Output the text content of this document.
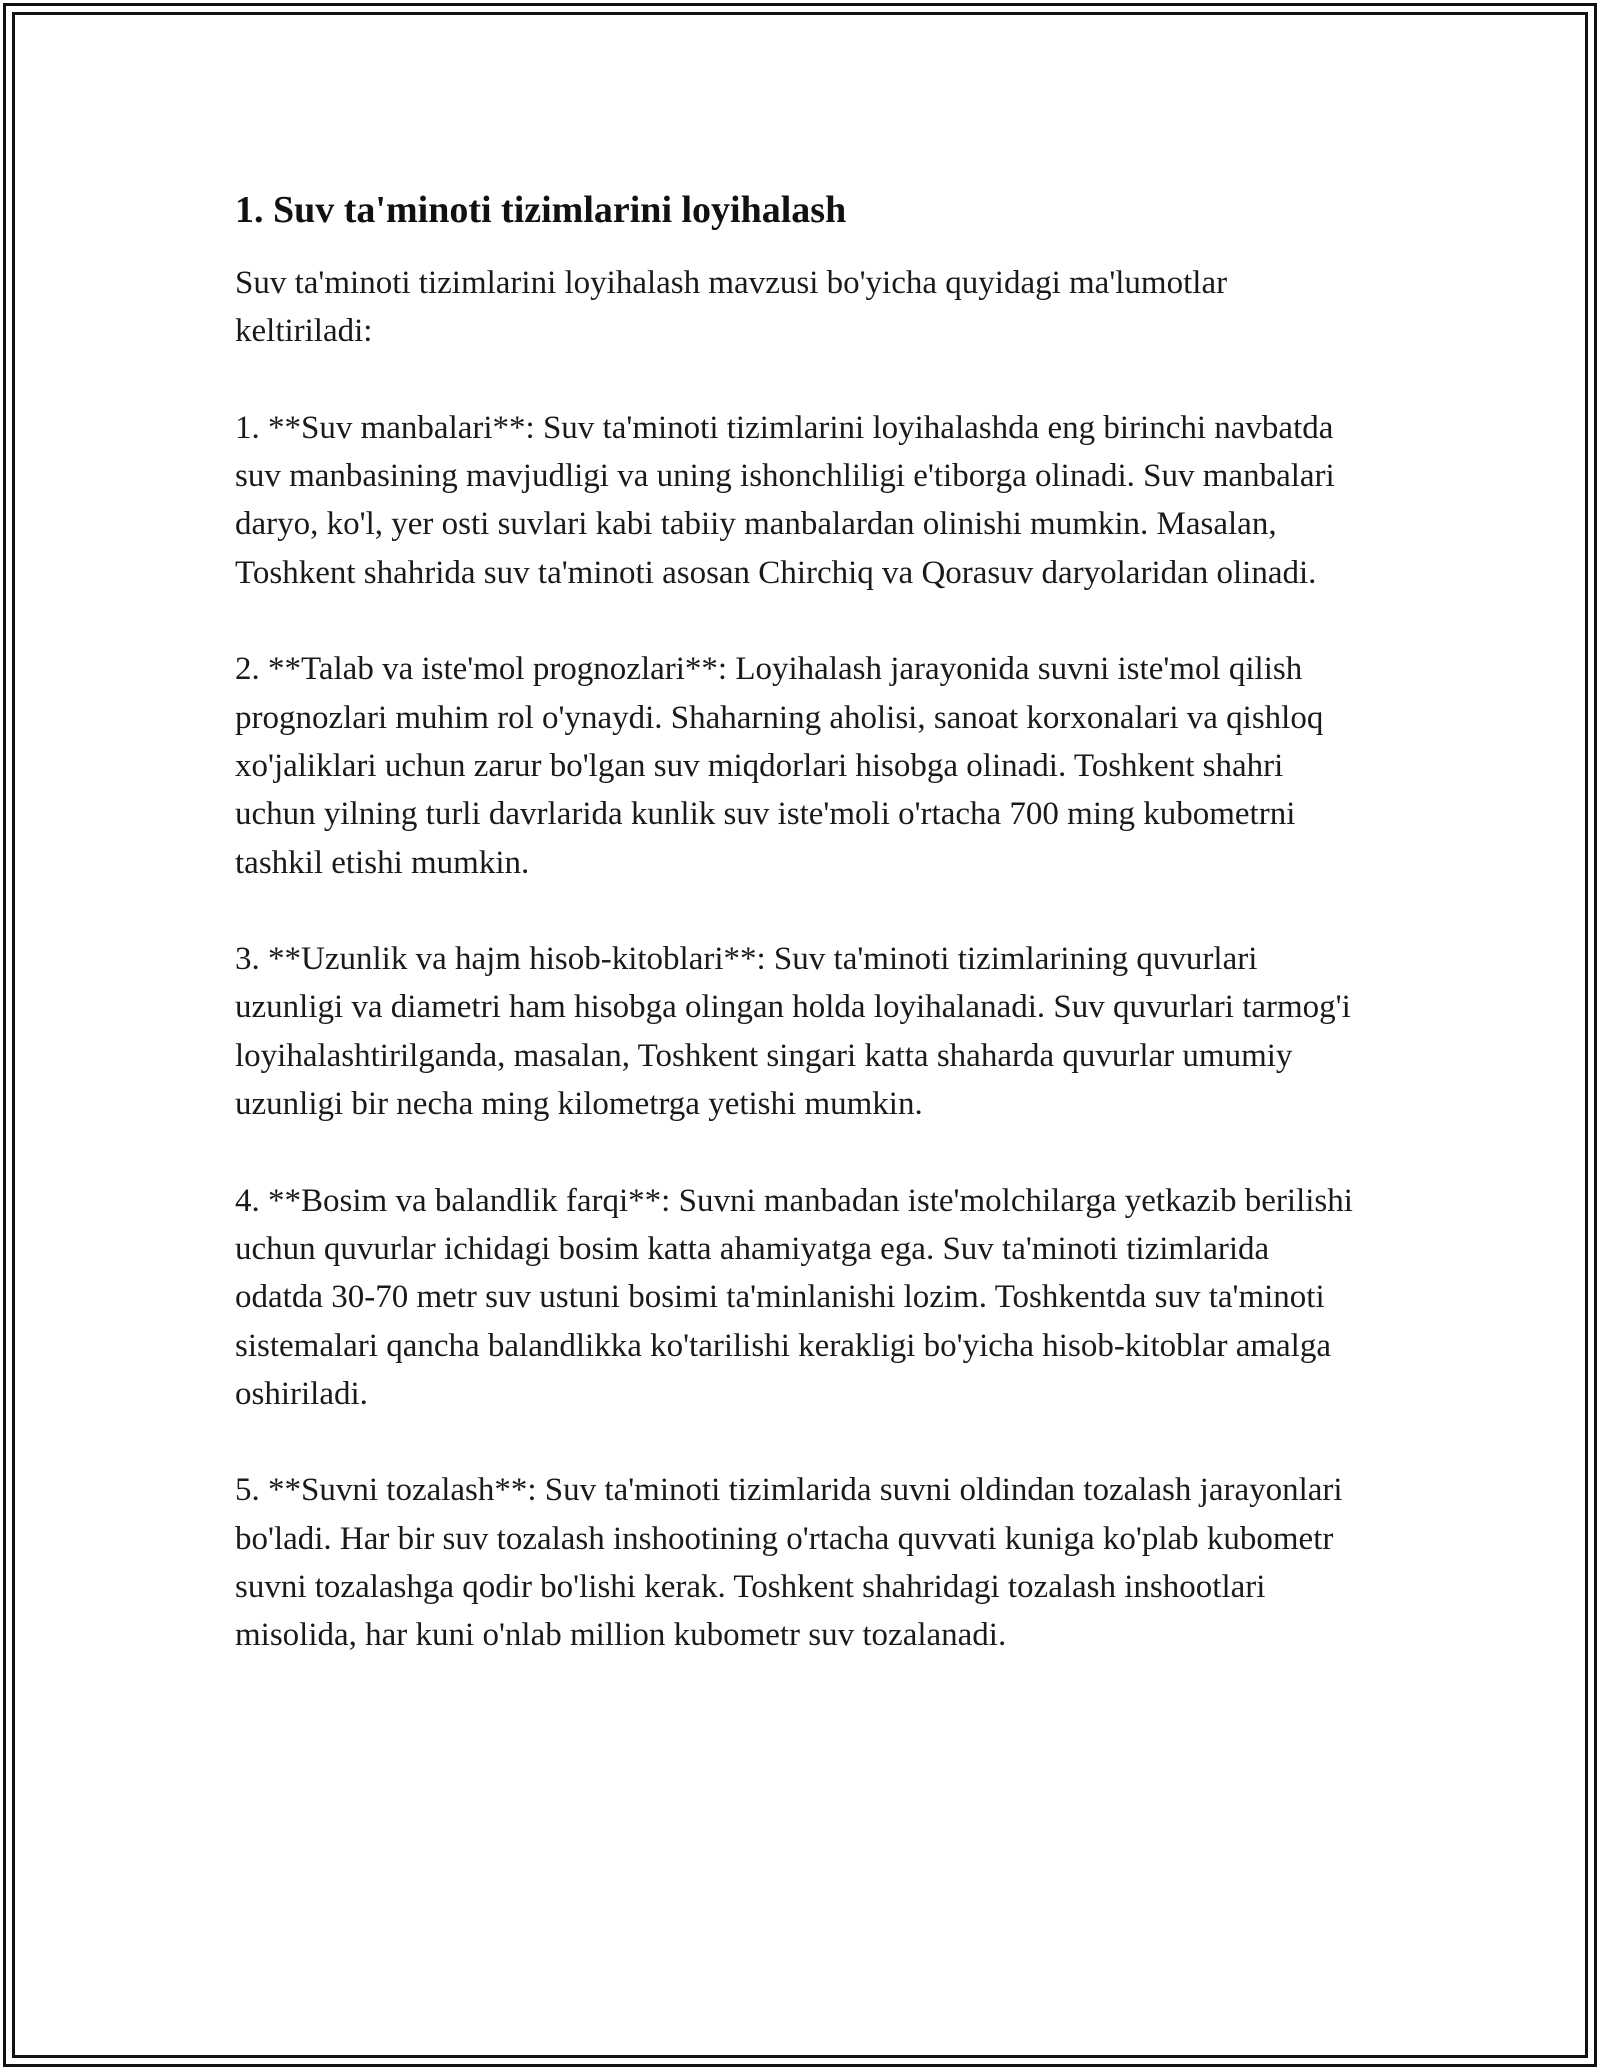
1. Suv ta'minoti tizimlarini loyihalash

Suv ta'minoti tizimlarini loyihalash mavzusi bo'yicha quyidagi ma'lumotlar keltiriladi:

1. **Suv manbalari**: Suv ta'minoti tizimlarini loyihalashda eng birinchi navbatda suv manbasining mavjudligi va uning ishonchliligi e'tiborga olinadi. Suv manbalari daryo, ko'l, yer osti suvlari kabi tabiiy manbalardan olinishi mumkin. Masalan, Toshkent shahrida suv ta'minoti asosan Chirchiq va Qorasuv daryolaridan olinadi.

2. **Talab va iste'mol prognozlari**: Loyihalash jarayonida suvni iste'mol qilish prognozlari muhim rol o'ynaydi. Shaharning aholisi, sanoat korxonalari va qishloq xo'jaliklari uchun zarur bo'lgan suv miqdorlari hisobga olinadi. Toshkent shahri uchun yilning turli davrlarida kunlik suv iste'moli o'rtacha 700 ming kubometrni tashkil etishi mumkin.

3. **Uzunlik va hajm hisob-kitoblari**: Suv ta'minoti tizimlarining quvurlari uzunligi va diametri ham hisobga olingan holda loyihalanadi. Suv quvurlari tarmog'i loyihalashtirilganda, masalan, Toshkent singari katta shaharda quvurlar umumiy uzunligi bir necha ming kilometrga yetishi mumkin.

4. **Bosim va balandlik farqi**: Suvni manbadan iste'molchilarga yetkazib berilishi uchun quvurlar ichidagi bosim katta ahamiyatga ega. Suv ta'minoti tizimlarida odatda 30-70 metr suv ustuni bosimi ta'minlanishi lozim. Toshkentda suv ta'minoti sistemalari qancha balandlikka ko'tarilishi kerakligi bo'yicha hisob-kitoblar amalga oshiriladi.

5. **Suvni tozalash**: Suv ta'minoti tizimlarida suvni oldindan tozalash jarayonlari bo'ladi. Har bir suv tozalash inshootining o'rtacha quvvati kuniga ko'plab kubometr suvni tozalashga qodir bo'lishi kerak. Toshkent shahridagi tozalash inshootlari misolida, har kuni o'nlab million kubometr suv tozalanadi.
